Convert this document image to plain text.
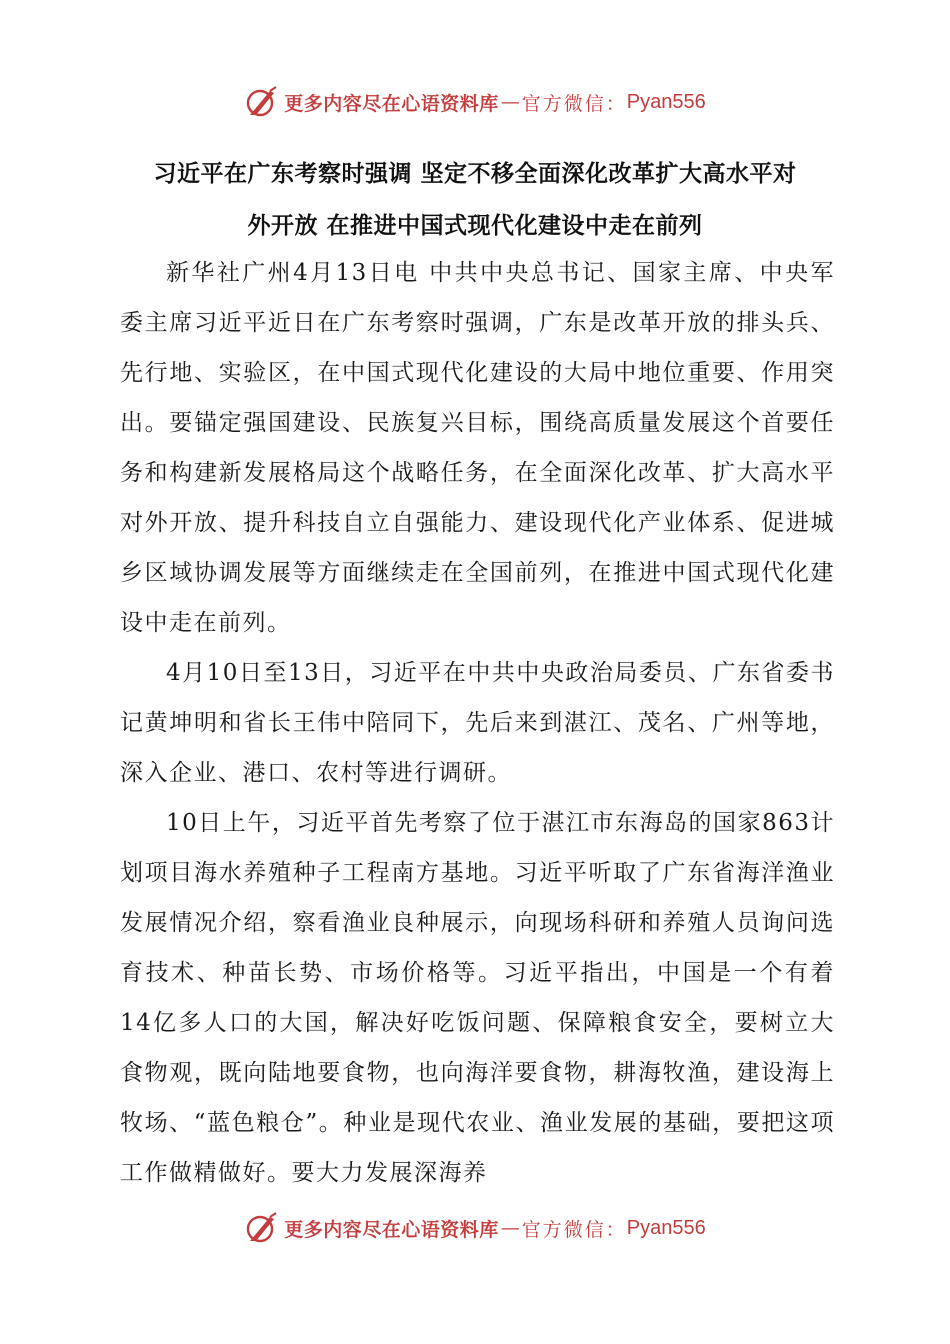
更多内容尽在心语资料库 — 官方微信： Pyan556
习近平在广东考察时强调 坚定不移全面深化改革扩大高水平对
外开放 在推进中国式现代化建设中走在前列

新华社广州4月13日电 中共中央总书记、国家主席、中央军委主席习近平近日在广东考察时强调，广东是改革开放的排头兵、先行地、实验区，在中国式现代化建设的大局中地位重要、作用突出。要锚定强国建设、民族复兴目标，围绕高质量发展这个首要任务和构建新发展格局这个战略任务，在全面深化改革、扩大高水平对外开放、提升科技自立自强能力、建设现代化产业体系、促进城乡区域协调发展等方面继续走在全国前列，在推进中国式现代化建设中走在前列。

4月10日至13日，习近平在中共中央政治局委员、广东省委书记黄坤明和省长王伟中陪同下，先后来到湛江、茂名、广州等地，深入企业、港口、农村等进行调研。

10日上午，习近平首先考察了位于湛江市东海岛的国家863计划项目海水养殖种子工程南方基地。习近平听取了广东省海洋渔业发展情况介绍，察看渔业良种展示，向现场科研和养殖人员询问选育技术、种苗长势、市场价格等。习近平指出，中国是一个有着14亿多人口的大国，解决好吃饭问题、保障粮食安全，要树立大食物观，既向陆地要食物，也向海洋要食物，耕海牧渔，建设海上牧场、“蓝色粮仓”。种业是现代农业、渔业发展的基础，要把这项工作做精做好。要大力发展深海养

更多内容尽在心语资料库 — 官方微信： Pyan556
